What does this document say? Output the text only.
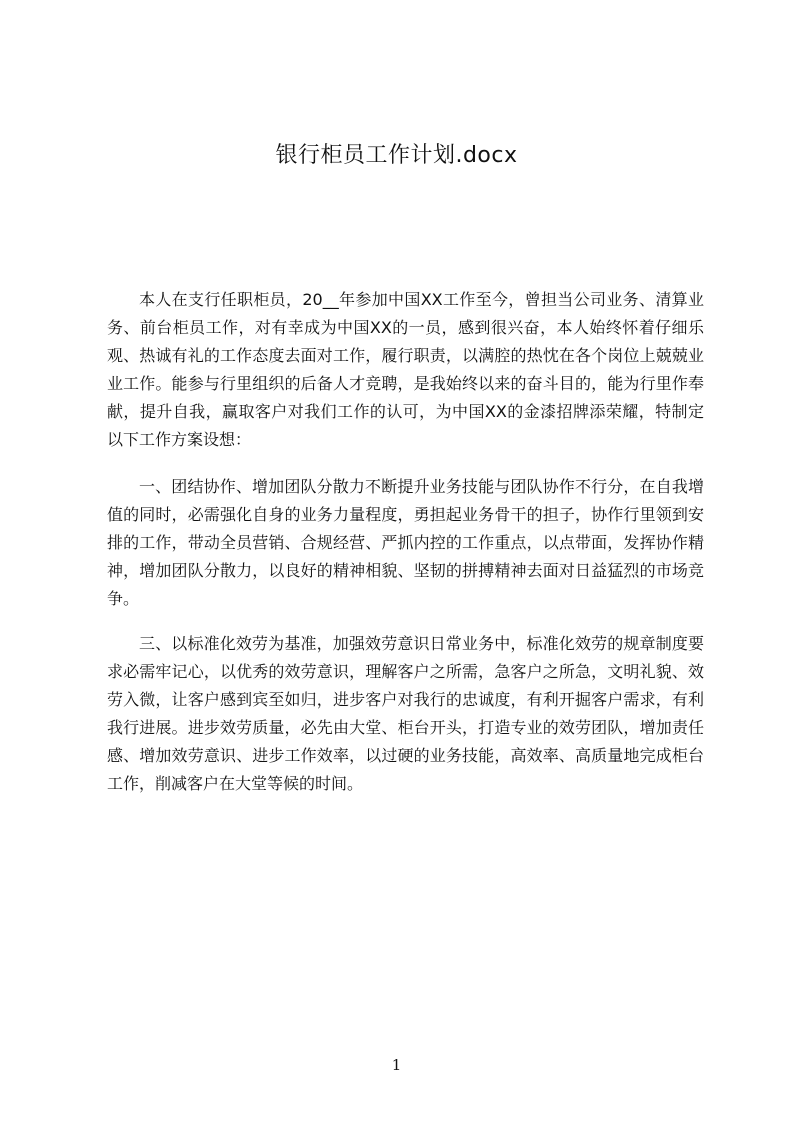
银行柜员工作计划.docx

本人在支行任职柜员，20__年参加中国XX工作至今，曾担当公司业务、清算业务、前台柜员工作，对有幸成为中国XX的一员，感到很兴奋，本人始终怀着仔细乐观、热诚有礼的工作态度去面对工作，履行职责，以满腔的热忱在各个岗位上兢兢业业工作。能参与行里组织的后备人才竞聘，是我始终以来的奋斗目的，能为行里作奉献，提升自我，赢取客户对我们工作的认可，为中国XX的金漆招牌添荣耀，特制定以下工作方案设想：

一、团结协作、增加团队分散力不断提升业务技能与团队协作不行分，在自我增值的同时，必需强化自身的业务力量程度，勇担起业务骨干的担子，协作行里领到安排的工作，带动全员营销、合规经营、严抓内控的工作重点，以点带面，发挥协作精神，增加团队分散力，以良好的精神相貌、坚韧的拼搏精神去面对日益猛烈的市场竞争。

三、以标准化效劳为基准，加强效劳意识日常业务中，标准化效劳的规章制度要求必需牢记心，以优秀的效劳意识，理解客户之所需，急客户之所急，文明礼貌、效劳入微，让客户感到宾至如归，进步客户对我行的忠诚度，有利开掘客户需求，有利我行进展。进步效劳质量，必先由大堂、柜台开头，打造专业的效劳团队，增加责任感、增加效劳意识、进步工作效率，以过硬的业务技能，高效率、高质量地完成柜台工作，削减客户在大堂等候的时间。

1
